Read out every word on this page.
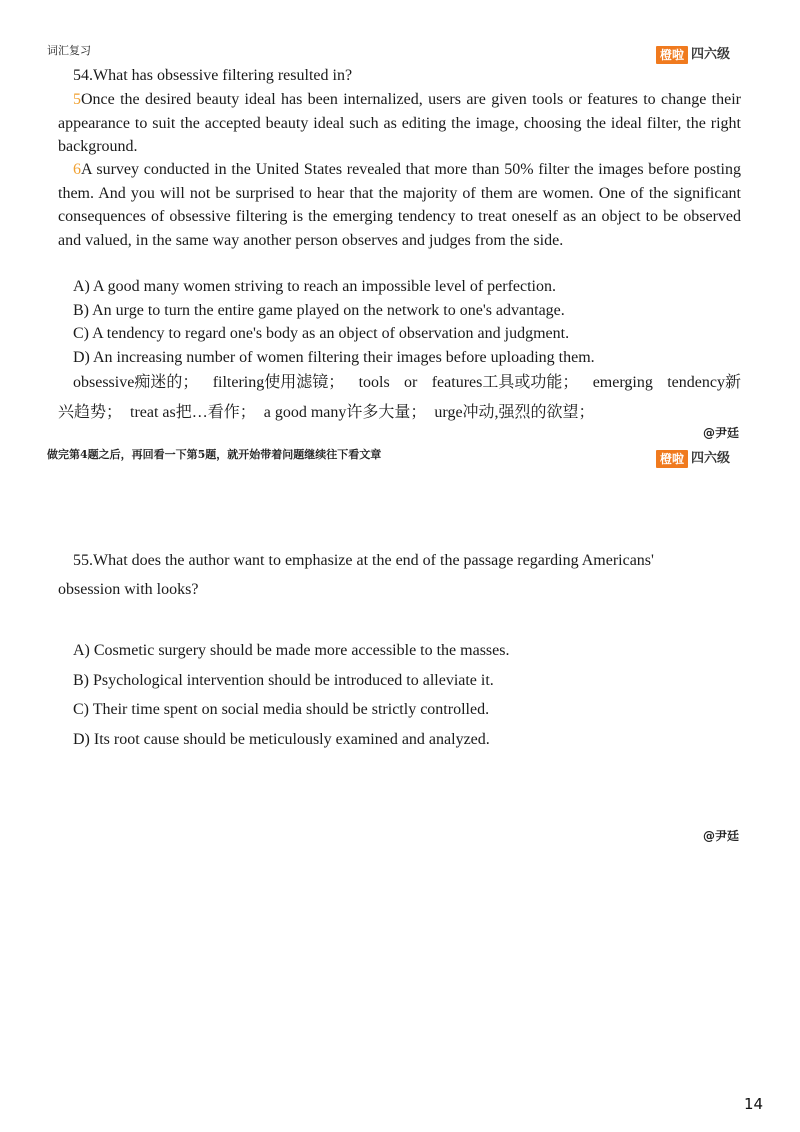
词汇复习	橙啦 四六级
54.What has obsessive filtering resulted in?
5Once the desired beauty ideal has been internalized, users are given tools or features to change their appearance to suit the accepted beauty ideal such as editing the image, choosing the ideal filter, the right background.
6A survey conducted in the United States revealed that more than 50% filter the images before posting them. And you will not be surprised to hear that the majority of them are women. One of the significant consequences of obsessive filtering is the emerging tendency to treat oneself as an object to be observed and valued, in the same way another person observes and judges from the side.
A) A good many women striving to reach an impossible level of perfection.
B) An urge to turn the entire game played on the network to one's advantage.
C) A tendency to regard one's body as an object of observation and judgment.
D) An increasing number of women filtering their images before uploading them.
obsessive痴迷的； filtering使用滤镜； tools or features工具或功能； emerging tendency新
兴趋势；  treat as把…看作；  a good many许多大量；  urge冲动,强烈的欲望；
@尹廷
做完第4题之后，再回看一下第5题，就开始带着问题继续往下看文章	橙啦 四六级
55.What does the author want to emphasize at the end of the passage regarding Americans'
obsession with looks?
A) Cosmetic surgery should be made more accessible to the masses.
B) Psychological intervention should be introduced to alleviate it.
C) Their time spent on social media should be strictly controlled.
D) Its root cause should be meticulously examined and analyzed.
@尹廷
14
